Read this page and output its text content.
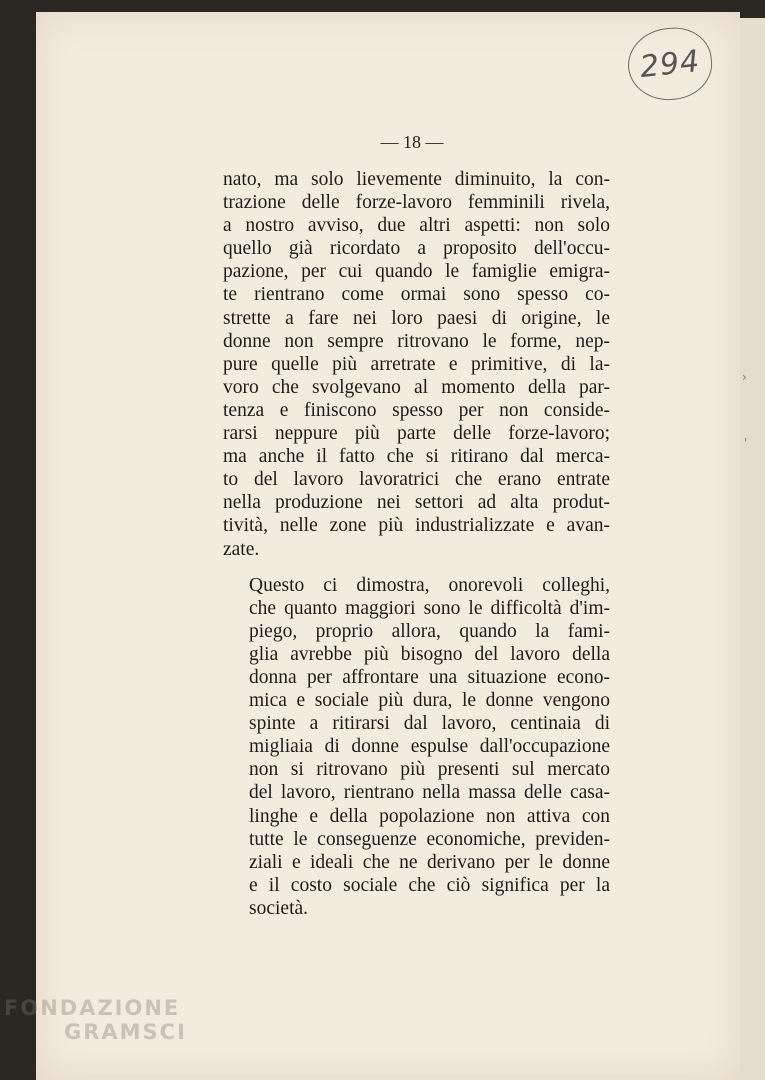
294
— 18 —

nato, ma solo lievemente diminuito, la con-
trazione delle forze-lavoro femminili rivela,
a nostro avviso, due altri aspetti: non solo
quello già ricordato a proposito dell'occu-
pazione, per cui quando le famiglie emigra-
te rientrano come ormai sono spesso co-
strette a fare nei loro paesi di origine, le
donne non sempre ritrovano le forme, nep-
pure quelle più arretrate e primitive, di la-
voro che svolgevano al momento della par-
tenza e finiscono spesso per non conside-
rarsi neppure più parte delle forze-lavoro;
ma anche il fatto che si ritirano dal merca-
to del lavoro lavoratrici che erano entrate
nella produzione nei settori ad alta produt-
tività, nelle zone più industrializzate e avan-
zate.

Questo ci dimostra, onorevoli colleghi,
che quanto maggiori sono le difficoltà d'im-
piego, proprio allora, quando la fami-
glia avrebbe più bisogno del lavoro della
donna per affrontare una situazione econo-
mica e sociale più dura, le donne vengono
spinte a ritirarsi dal lavoro, centinaia di
migliaia di donne espulse dall'occupazione
non si ritrovano più presenti sul mercato
del lavoro, rientrano nella massa delle casa-
linghe e della popolazione non attiva con
tutte le conseguenze economiche, previden-
ziali e ideali che ne derivano per le donne
e il costo sociale che ciò significa per la
società.

›
'
FONDAZIONE
GRAMSCI
